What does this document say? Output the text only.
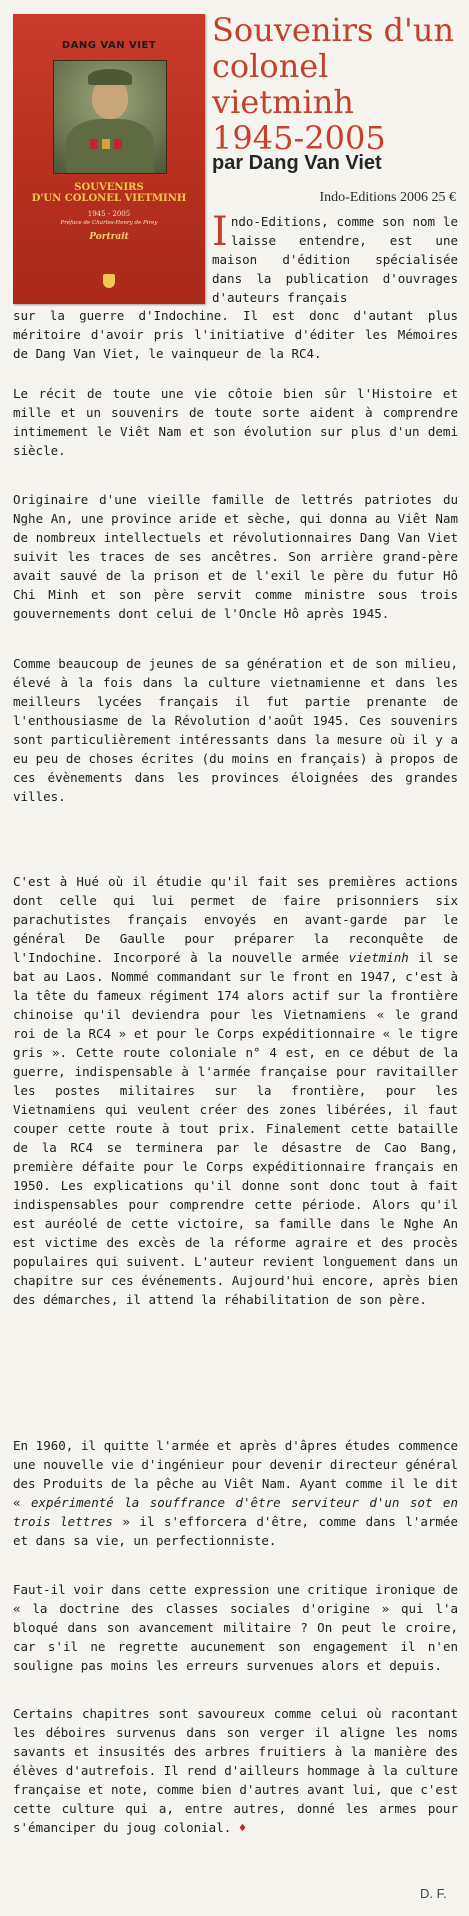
DANG VAN VIET
SOUVENIRS
D'UN COLONEL VIETMINH
1945 - 2005
Préface de Charles-Henry de Pirey
Portrait
Souvenirs d'un
colonel vietminh
1945-2005
par Dang Van Viet
Indo-Editions 2006 25 €

Indo-Editions, comme son nom le laisse entendre, est une maison d'édition spécialisée dans la publication d'ouvrages d'auteurs français

sur la guerre d'Indochine. Il est donc d'autant plus méritoire d'avoir pris l'initiative d'éditer les Mémoires de Dang Van Viet, le vainqueur de la RC4.

Le récit de toute une vie côtoie bien sûr l'Histoire et mille et un souvenirs de toute sorte aident à comprendre intimement le Viêt Nam et son évolution sur plus d'un demi siècle.

Originaire d'une vieille famille de lettrés patriotes du Nghe An, une province aride et sèche, qui donna au Viêt Nam de nombreux intellectuels et révolutionnaires Dang Van Viet suivit les traces de ses ancêtres. Son arrière grand-père avait sauvé de la prison et de l'exil le père du futur Hô Chi Minh et son père servit comme ministre sous trois gouvernements dont celui de l'Oncle Hô après 1945.

Comme beaucoup de jeunes de sa génération et de son milieu, élevé à la fois dans la culture vietnamienne et dans les meilleurs lycées français il fut partie prenante de l'enthousiasme de la Révolution d'août 1945. Ces souvenirs sont particulièrement intéressants dans la mesure où il y a eu peu de choses écrites (du moins en français) à propos de ces évènements dans les provinces éloignées des grandes villes.

C'est à Hué où il étudie qu'il fait ses premières actions dont celle qui lui permet de faire prisonniers six parachutistes français envoyés en avant-garde par le général De Gaulle pour préparer la reconquête de l'Indochine. Incorporé à la nouvelle armée vietminh il se bat au Laos. Nommé commandant sur le front en 1947, c'est à la tête du fameux régiment 174 alors actif sur la frontière chinoise qu'il deviendra pour les Vietnamiens « le grand roi de la RC4 » et pour le Corps expéditionnaire « le tigre gris ». Cette route coloniale n° 4 est, en ce début de la guerre, indispensable à l'armée française pour ravitailler les postes militaires sur la frontière, pour les Vietnamiens qui veulent créer des zones libérées, il faut couper cette route à tout prix. Finalement cette bataille de la RC4 se terminera par le désastre de Cao Bang, première défaite pour le Corps expéditionnaire français en 1950. Les explications qu'il donne sont donc tout à fait indispensables pour comprendre cette période. Alors qu'il est auréolé de cette victoire, sa famille dans le Nghe An est victime des excès de la réforme agraire et des procès populaires qui suivent. L'auteur revient longuement dans un chapitre sur ces événements. Aujourd'hui encore, après bien des démarches, il attend la réhabilitation de son père.

En 1960, il quitte l'armée et après d'âpres études commence une nouvelle vie d'ingénieur pour devenir directeur général des Produits de la pêche au Viêt Nam. Ayant comme il le dit « expérimenté la souffrance d'être serviteur d'un sot en trois lettres » il s'efforcera d'être, comme dans l'armée et dans sa vie, un perfectionniste.

Faut-il voir dans cette expression une critique ironique de « la doctrine des classes sociales d'origine » qui l'a bloqué dans son avancement militaire ? On peut le croire, car s'il ne regrette aucunement son engagement il n'en souligne pas moins les erreurs survenues alors et depuis.

Certains chapitres sont savoureux comme celui où racontant les déboires survenus dans son verger il aligne les noms savants et insusités des arbres fruitiers à la manière des élèves d'autrefois. Il rend d'ailleurs hommage à la culture française et note, comme bien d'autres avant lui, que c'est cette culture qui a, entre autres, donné les armes pour s'émanciper du joug colonial. ♦

D. F.
